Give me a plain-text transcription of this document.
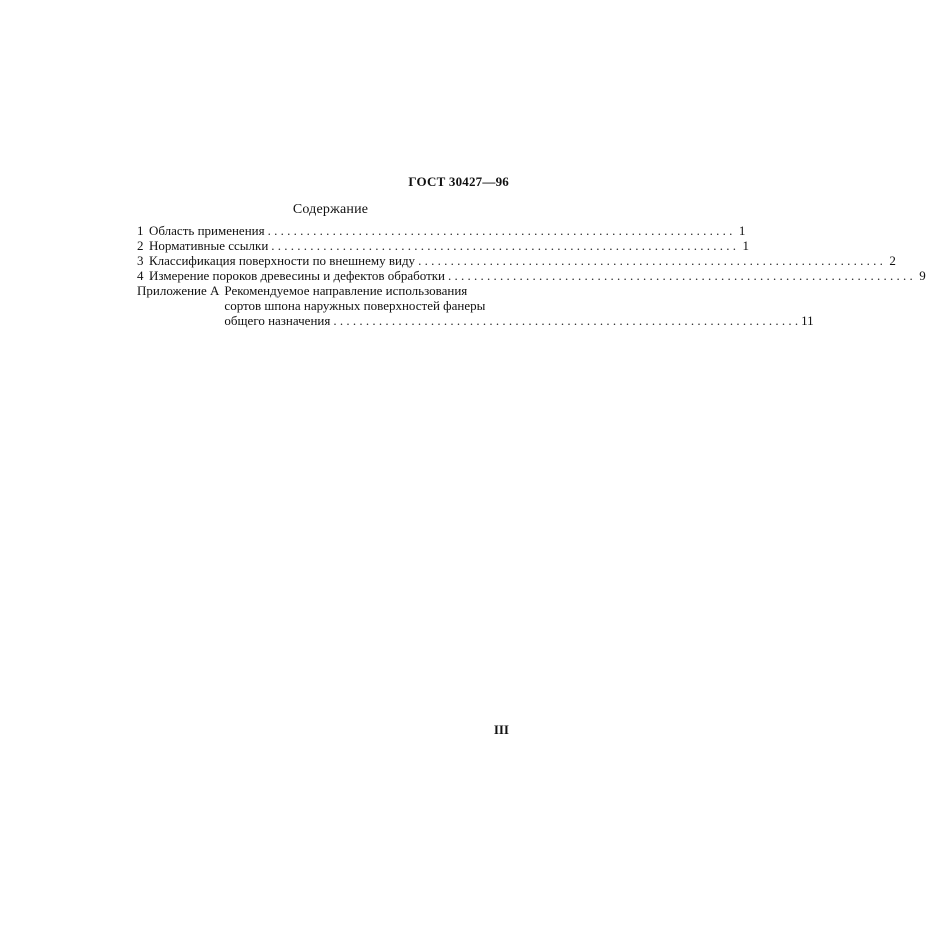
ГОСТ 30427—96
Содержание
1 Область применения . . .	1
2 Нормативные ссылки . . .	1
3 Классификация поверхности по внешнему виду . . .	2
4 Измерение пороков древесины и дефектов обработки . . .	9
Приложение А Рекомендуемое направление использования
сортов шпона наружных поверхностей фанеры
общего назначения . . .	11
III
